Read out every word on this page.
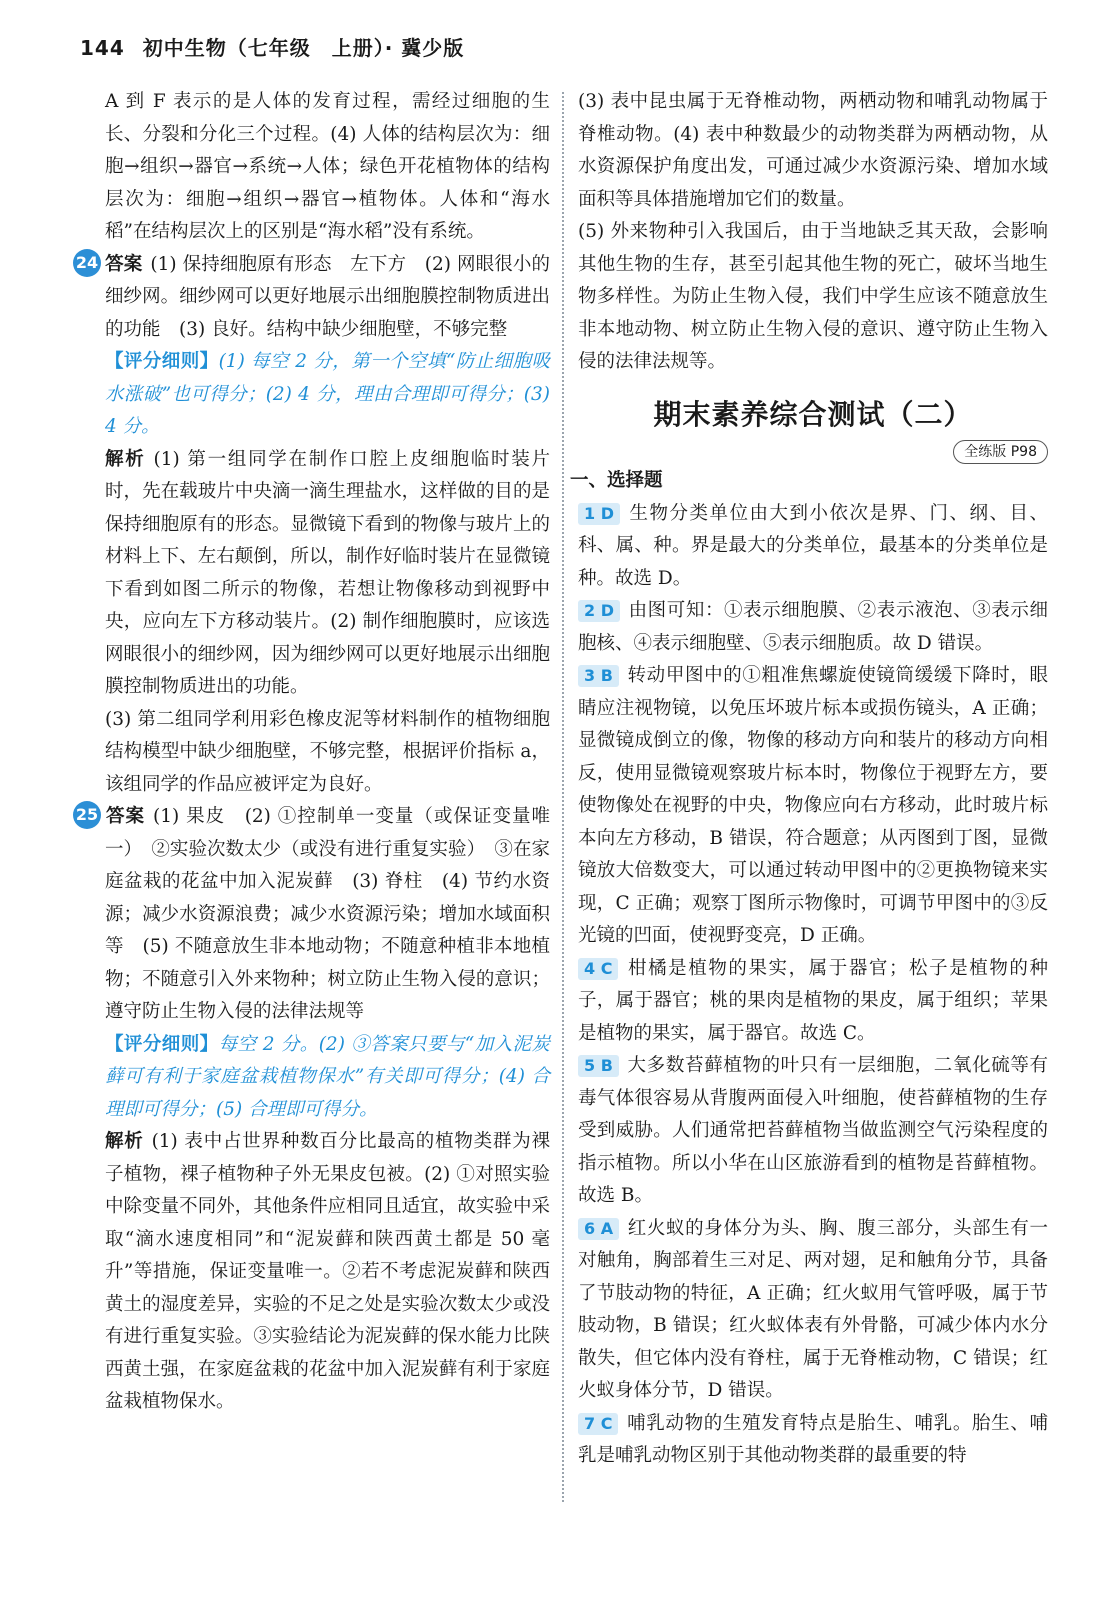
144 初中生物（七年级　上册）· 冀少版

A 到 F 表示的是人体的发育过程，需经过细胞的生长、分裂和分化三个过程。(4) 人体的结构层次为：细胞→组织→器官→系统→人体；绿色开花植物体的结构层次为：细胞→组织→器官→植物体。人体和“海水稻”在结构层次上的区别是“海水稻”没有系统。

24 答案 (1) 保持细胞原有形态　左下方　(2) 网眼很小的细纱网。细纱网可以更好地展示出细胞膜控制物质进出的功能　(3) 良好。结构中缺少细胞壁，不够完整

【评分细则】(1) 每空 2 分，第一个空填“防止细胞吸水涨破”也可得分；(2) 4 分，理由合理即可得分；(3) 4 分。

解析 (1) 第一组同学在制作口腔上皮细胞临时装片时，先在载玻片中央滴一滴生理盐水，这样做的目的是保持细胞原有的形态。显微镜下看到的物像与玻片上的材料上下、左右颠倒，所以，制作好临时装片在显微镜下看到如图二所示的物像，若想让物像移动到视野中央，应向左下方移动装片。(2) 制作细胞膜时，应该选网眼很小的细纱网，因为细纱网可以更好地展示出细胞膜控制物质进出的功能。

(3) 第二组同学利用彩色橡皮泥等材料制作的植物细胞结构模型中缺少细胞壁，不够完整，根据评价指标 a，该组同学的作品应被评定为良好。

25 答案 (1) 果皮　(2) ①控制单一变量（或保证变量唯一）　②实验次数太少（或没有进行重复实验）　③在家庭盆栽的花盆中加入泥炭藓　(3) 脊柱　(4) 节约水资源；减少水资源浪费；减少水资源污染；增加水域面积等　(5) 不随意放生非本地动物；不随意种植非本地植物；不随意引入外来物种；树立防止生物入侵的意识；遵守防止生物入侵的法律法规等

【评分细则】每空 2 分。(2) ③答案只要与“加入泥炭藓可有利于家庭盆栽植物保水”有关即可得分；(4) 合理即可得分；(5) 合理即可得分。

解析 (1) 表中占世界种数百分比最高的植物类群为裸子植物，裸子植物种子外无果皮包被。(2) ①对照实验中除变量不同外，其他条件应相同且适宜，故实验中采取“滴水速度相同”和“泥炭藓和陕西黄土都是 50 毫升”等措施，保证变量唯一。②若不考虑泥炭藓和陕西黄土的湿度差异，实验的不足之处是实验次数太少或没有进行重复实验。③实验结论为泥炭藓的保水能力比陕西黄土强，在家庭盆栽的花盆中加入泥炭藓有利于家庭盆栽植物保水。

(3) 表中昆虫属于无脊椎动物，两栖动物和哺乳动物属于脊椎动物。(4) 表中种数最少的动物类群为两栖动物，从水资源保护角度出发，可通过减少水资源污染、增加水域面积等具体措施增加它们的数量。

(5) 外来物种引入我国后，由于当地缺乏其天敌，会影响其他生物的生存，甚至引起其他生物的死亡，破坏当地生物多样性。为防止生物入侵，我们中学生应该不随意放生非本地动物、树立防止生物入侵的意识、遵守防止生物入侵的法律法规等。

期末素养综合测试（二）
全练版 P98

一、选择题

1 D 生物分类单位由大到小依次是界、门、纲、目、科、属、种。界是最大的分类单位，最基本的分类单位是种。故选 D。

2 D 由图可知：①表示细胞膜、②表示液泡、③表示细胞核、④表示细胞壁、⑤表示细胞质。故 D 错误。

3 B 转动甲图中的①粗准焦螺旋使镜筒缓缓下降时，眼睛应注视物镜，以免压坏玻片标本或损伤镜头，A 正确；显微镜成倒立的像，物像的移动方向和装片的移动方向相反，使用显微镜观察玻片标本时，物像位于视野左方，要使物像处在视野的中央，物像应向右方移动，此时玻片标本向左方移动，B 错误，符合题意；从丙图到丁图，显微镜放大倍数变大，可以通过转动甲图中的②更换物镜来实现，C 正确；观察丁图所示物像时，可调节甲图中的③反光镜的凹面，使视野变亮，D 正确。

4 C 柑橘是植物的果实，属于器官；松子是植物的种子，属于器官；桃的果肉是植物的果皮，属于组织；苹果是植物的果实，属于器官。故选 C。

5 B 大多数苔藓植物的叶只有一层细胞，二氧化硫等有毒气体很容易从背腹两面侵入叶细胞，使苔藓植物的生存受到威胁。人们通常把苔藓植物当做监测空气污染程度的指示植物。所以小华在山区旅游看到的植物是苔藓植物。故选 B。

6 A 红火蚁的身体分为头、胸、腹三部分，头部生有一对触角，胸部着生三对足、两对翅，足和触角分节，具备了节肢动物的特征，A 正确；红火蚁用气管呼吸，属于节肢动物，B 错误；红火蚁体表有外骨骼，可减少体内水分散失，但它体内没有脊柱，属于无脊椎动物，C 错误；红火蚁身体分节，D 错误。

7 C 哺乳动物的生殖发育特点是胎生、哺乳。胎生、哺乳是哺乳动物区别于其他动物类群的最重要的特
